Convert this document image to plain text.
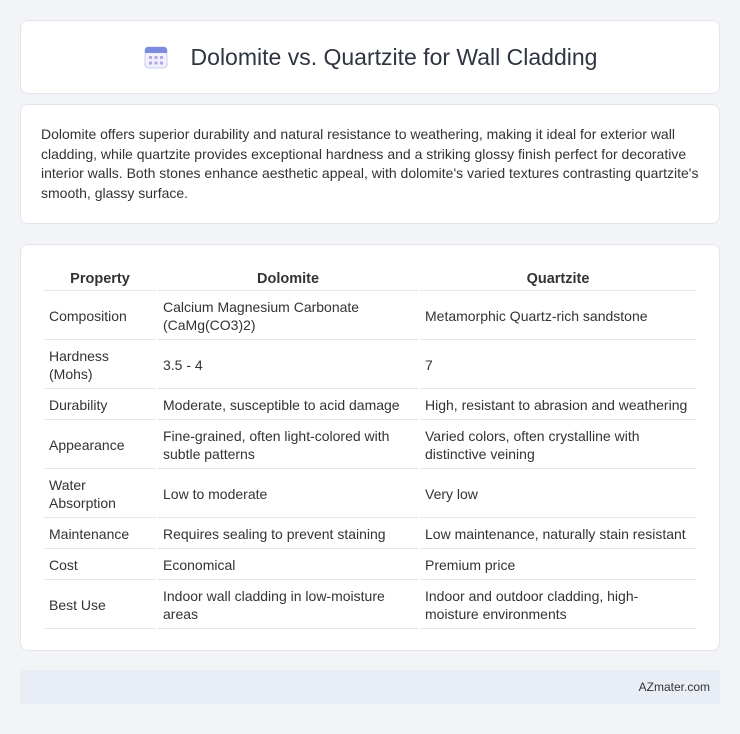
Dolomite vs. Quartzite for Wall Cladding

Dolomite offers superior durability and natural resistance to weathering, making it ideal for exterior wall cladding, while quartzite provides exceptional hardness and a striking glossy finish perfect for decorative interior walls. Both stones enhance aesthetic appeal, with dolomite's varied textures contrasting quartzite's smooth, glassy surface.

Property	Dolomite	Quartzite
Composition	Calcium Magnesium Carbonate (CaMg(CO3)2)	Metamorphic Quartz-rich sandstone
Hardness (Mohs)	3.5 - 4	7
Durability	Moderate, susceptible to acid damage	High, resistant to abrasion and weathering
Appearance	Fine-grained, often light-colored with subtle patterns	Varied colors, often crystalline with distinctive veining
Water Absorption	Low to moderate	Very low
Maintenance	Requires sealing to prevent staining	Low maintenance, naturally stain resistant
Cost	Economical	Premium price
Best Use	Indoor wall cladding in low-moisture areas	Indoor and outdoor cladding, high-moisture environments
AZmater.com
